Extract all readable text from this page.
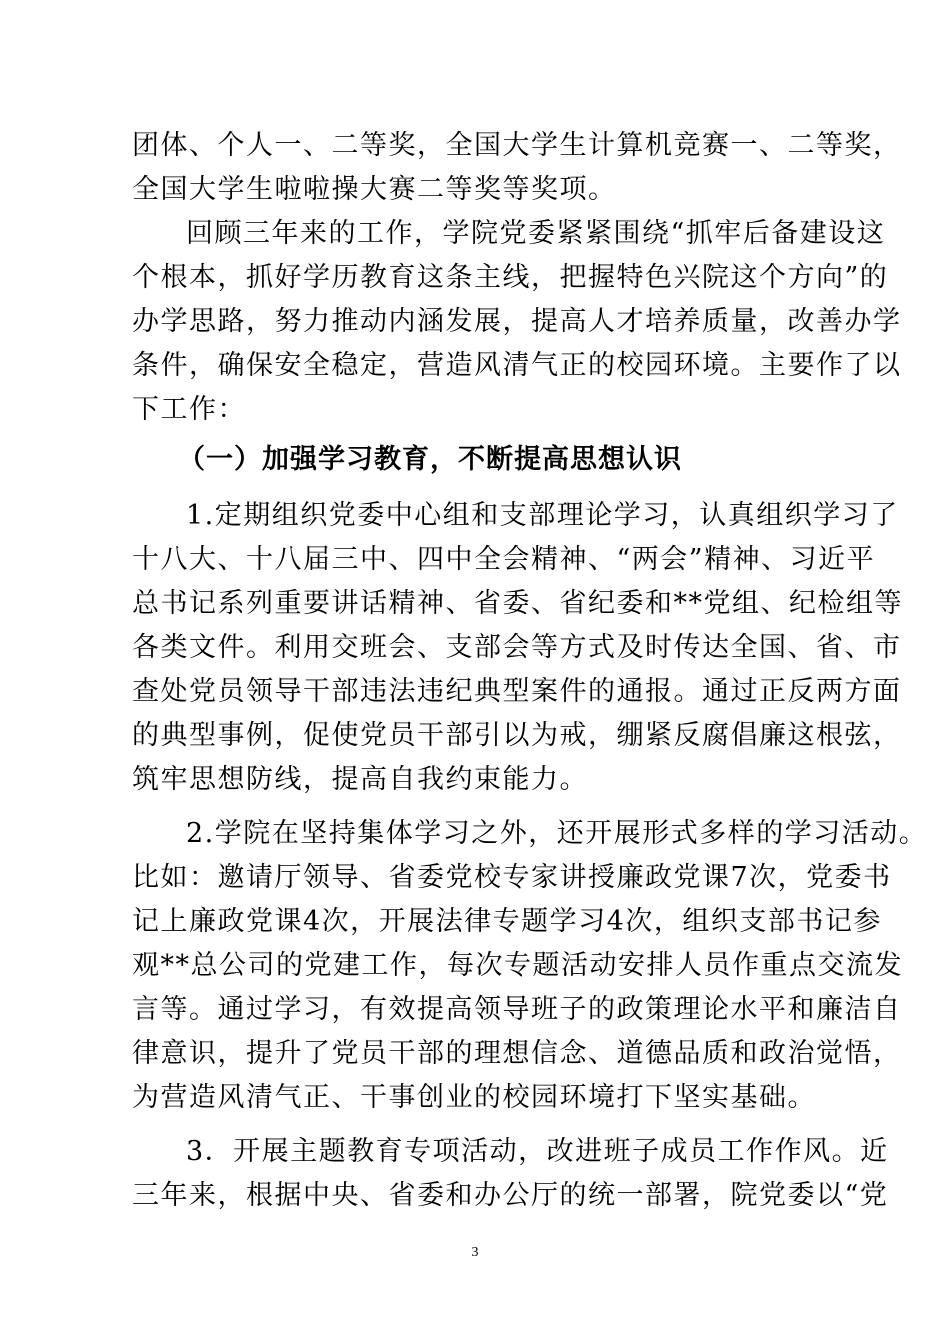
团体、个人一、二等奖，全国大学生计算机竞赛一、二等奖，
全国大学生啦啦操大赛二等奖等奖项。
回顾三年来的工作，学院党委紧紧围绕“抓牢后备建设这
个根本，抓好学历教育这条主线，把握特色兴院这个方向”的
办学思路，努力推动内涵发展，提高人才培养质量，改善办学
条件，确保安全稳定，营造风清气正的校园环境。主要作了以
下工作：
（一）加强学习教育，不断提高思想认识
1.定期组织党委中心组和支部理论学习，认真组织学习了
十八大、十八届三中、四中全会精神、“两会”精神、习近平
总书记系列重要讲话精神、省委、省纪委和**党组、纪检组等
各类文件。利用交班会、支部会等方式及时传达全国、省、市
查处党员领导干部违法违纪典型案件的通报。通过正反两方面
的典型事例，促使党员干部引以为戒，绷紧反腐倡廉这根弦，
筑牢思想防线，提高自我约束能力。
2.学院在坚持集体学习之外，还开展形式多样的学习活动。
比如：邀请厅领导、省委党校专家讲授廉政党课7次，党委书
记上廉政党课4次，开展法律专题学习4次，组织支部书记参
观**总公司的党建工作，每次专题活动安排人员作重点交流发
言等。通过学习，有效提高领导班子的政策理论水平和廉洁自
律意识，提升了党员干部的理想信念、道德品质和政治觉悟，
为营造风清气正、干事创业的校园环境打下坚实基础。
3．开展主题教育专项活动，改进班子成员工作作风。近
三年来，根据中央、省委和办公厅的统一部署，院党委以“党
3
